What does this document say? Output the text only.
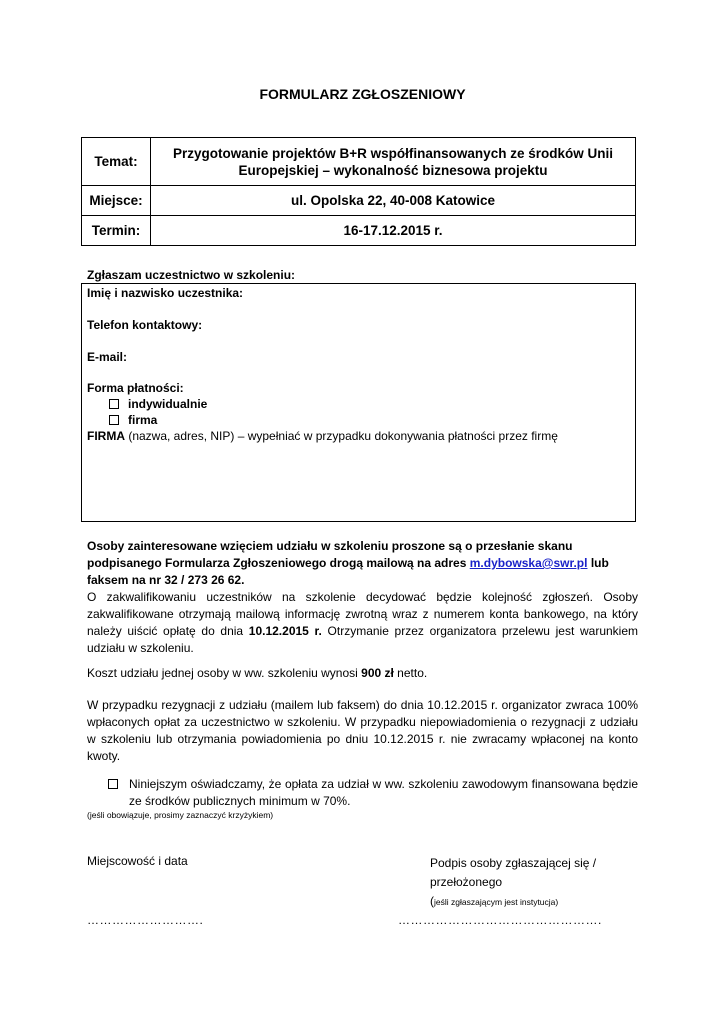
FORMULARZ ZGŁOSZENIOWY
Temat:	Przygotowanie projektów B+R współfinansowanych ze środków Unii
Europejskiej – wykonalność biznesowa projektu

Miejsce:	ul. Opolska 22, 40-008 Katowice
Termin:	16-17.12.2015 r.
Zgłaszam uczestnictwo w szkoleniu:
Imię i nazwisko uczestnika:
Telefon kontaktowy:
E-mail:
Forma płatności:
indywidualnie
firma
FIRMA (nazwa, adres, NIP) – wypełniać w przypadku dokonywania płatności przez firmę
Osoby zainteresowane wzięciem udziału w szkoleniu proszone są o przesłanie skanu
podpisanego Formularza Zgłoszeniowego drogą mailową na adres m.dybowska@swr.pl lub
faksem na nr 32 / 273 26 62.
O zakwalifikowaniu uczestników na szkolenie decydować będzie kolejność zgłoszeń. Osoby zakwalifikowane otrzymają mailową informację zwrotną wraz z numerem konta bankowego, na który należy uiścić opłatę do dnia 10.12.2015 r. Otrzymanie przez organizatora przelewu jest warunkiem udziału w szkoleniu.
Koszt udziału jednej osoby w ww. szkoleniu wynosi 900 zł netto.
W przypadku rezygnacji z udziału (mailem lub faksem) do dnia 10.12.2015 r. organizator zwraca 100% wpłaconych opłat za uczestnictwo w szkoleniu. W przypadku niepowiadomienia o rezygnacji z udziału w szkoleniu lub otrzymania powiadomienia po dniu 10.12.2015 r. nie zwracamy wpłaconej na konto kwoty.
Niniejszym oświadczamy, że opłata za udział w ww. szkoleniu zawodowym finansowana będzie ze środków publicznych minimum w 70%.
(jeśli obowiązuje, prosimy zaznaczyć krzyżykiem)
Miejscowość i data	Podpis osoby zgłaszającej się /
przełożonego
(jeśli zgłaszającym jest instytucja)
……………………….	………………………………………….
